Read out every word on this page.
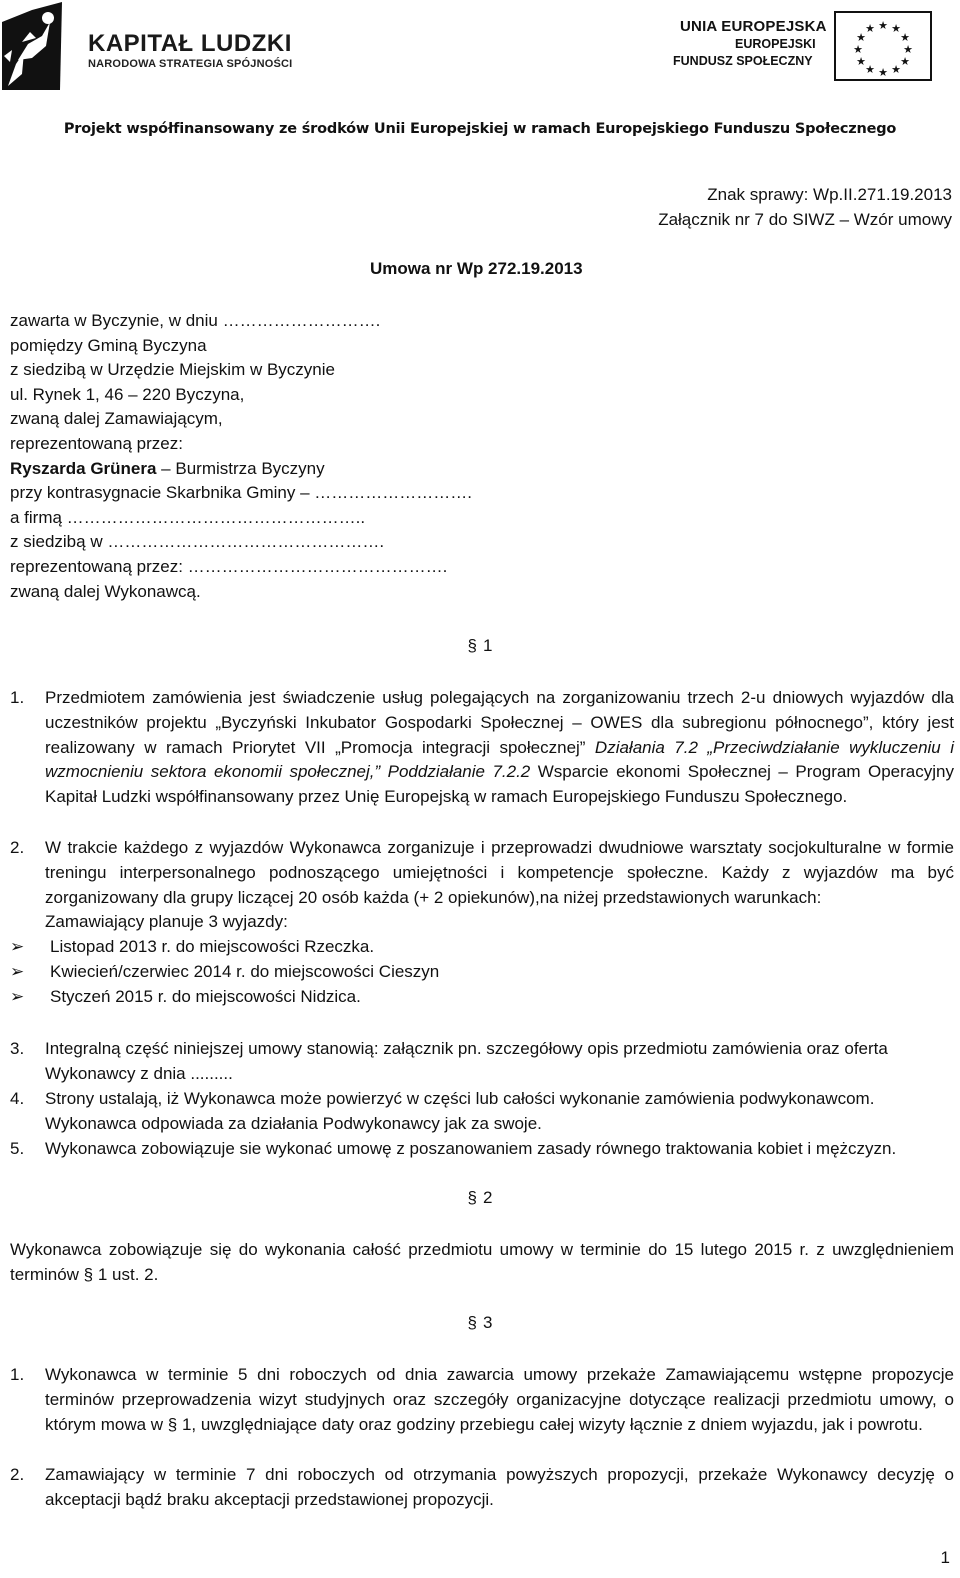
KAPITAŁ LUDZKI
NARODOWA STRATEGIA SPÓJNOŚCI
UNIA EUROPEJSKA
EUROPEJSKI
FUNDUSZ SPOŁECZNY
★ ★
★
★
★
★
★
★
★
★
★
★
Projekt współfinansowany ze środków Unii Europejskiej w ramach Europejskiego Funduszu Społecznego
Znak sprawy: Wp.II.271.19.2013
Załącznik nr 7 do SIWZ – Wzór umowy
Umowa nr Wp 272.19.2013
zawarta w Byczynie, w dniu ……………………….
pomiędzy Gminą Byczyna
z siedzibą w Urzędzie Miejskim w Byczynie
ul. Rynek 1, 46 – 220 Byczyna,
zwaną dalej Zamawiającym,
reprezentowaną przez:
Ryszarda Grünera – Burmistrza Byczyny
przy kontrasygnacie Skarbnika Gminy – ……………………….
a firmą ……………………………………………..
z siedzibą w ………………………………………….
reprezentowaną przez: ……………………………………….
zwaną dalej Wykonawcą.
§ 1
1. Przedmiotem zamówienia jest świadczenie usług polegających na zorganizowaniu trzech 2-u dniowych wyjazdów dla uczestników projektu „Byczyński Inkubator Gospodarki Społecznej – OWES dla subregionu północnego”, który jest realizowany w ramach Priorytet VII „Promocja integracji społecznej” Działania 7.2 „Przeciwdziałanie wykluczeniu i wzmocnieniu sektora ekonomii społecznej,” Poddziałanie 7.2.2 Wsparcie ekonomi Społecznej – Program Operacyjny Kapitał Ludzki współfinansowany przez Unię Europejską w ramach Europejskiego Funduszu Społecznego.
2. W trakcie każdego z wyjazdów Wykonawca zorganizuje i przeprowadzi dwudniowe warsztaty socjokulturalne w formie treningu interpersonalnego podnoszącego umiejętności i kompetencje społeczne. Każdy z wyjazdów ma być zorganizowany dla grupy liczącej 20 osób każda (+ 2 opiekunów),na niżej przedstawionych warunkach:
Zamawiający planuje 3 wyjazdy:
➢ Listopad 2013 r. do miejscowości Rzeczka.
➢ Kwiecień/czerwiec 2014 r. do miejscowości Cieszyn
➢ Styczeń 2015 r. do miejscowości Nidzica.
3. Integralną część niniejszej umowy stanowią: załącznik pn. szczegółowy opis przedmiotu zamówienia oraz oferta Wykonawcy z dnia .........
4. Strony ustalają, iż Wykonawca może powierzyć w części lub całości wykonanie zamówienia podwykonawcom. Wykonawca odpowiada za działania Podwykonawcy jak za swoje.
5. Wykonawca zobowiązuje sie wykonać umowę z poszanowaniem zasady równego traktowania kobiet i mężczyzn.
§ 2
Wykonawca zobowiązuje się do wykonania całość przedmiotu umowy w terminie do 15 lutego 2015 r. z uwzględnieniem terminów § 1 ust. 2.
§ 3
1. Wykonawca w terminie 5 dni roboczych od dnia zawarcia umowy przekaże Zamawiającemu wstępne propozycje terminów przeprowadzenia wizyt studyjnych oraz szczegóły organizacyjne dotyczące realizacji przedmiotu umowy, o którym mowa w § 1, uwzględniające daty oraz godziny przebiegu całej wizyty łącznie z dniem wyjazdu, jak i powrotu.
2. Zamawiający w terminie 7 dni roboczych od otrzymania powyższych propozycji, przekaże Wykonawcy decyzję o akceptacji bądź braku akceptacji przedstawionej propozycji.
1
